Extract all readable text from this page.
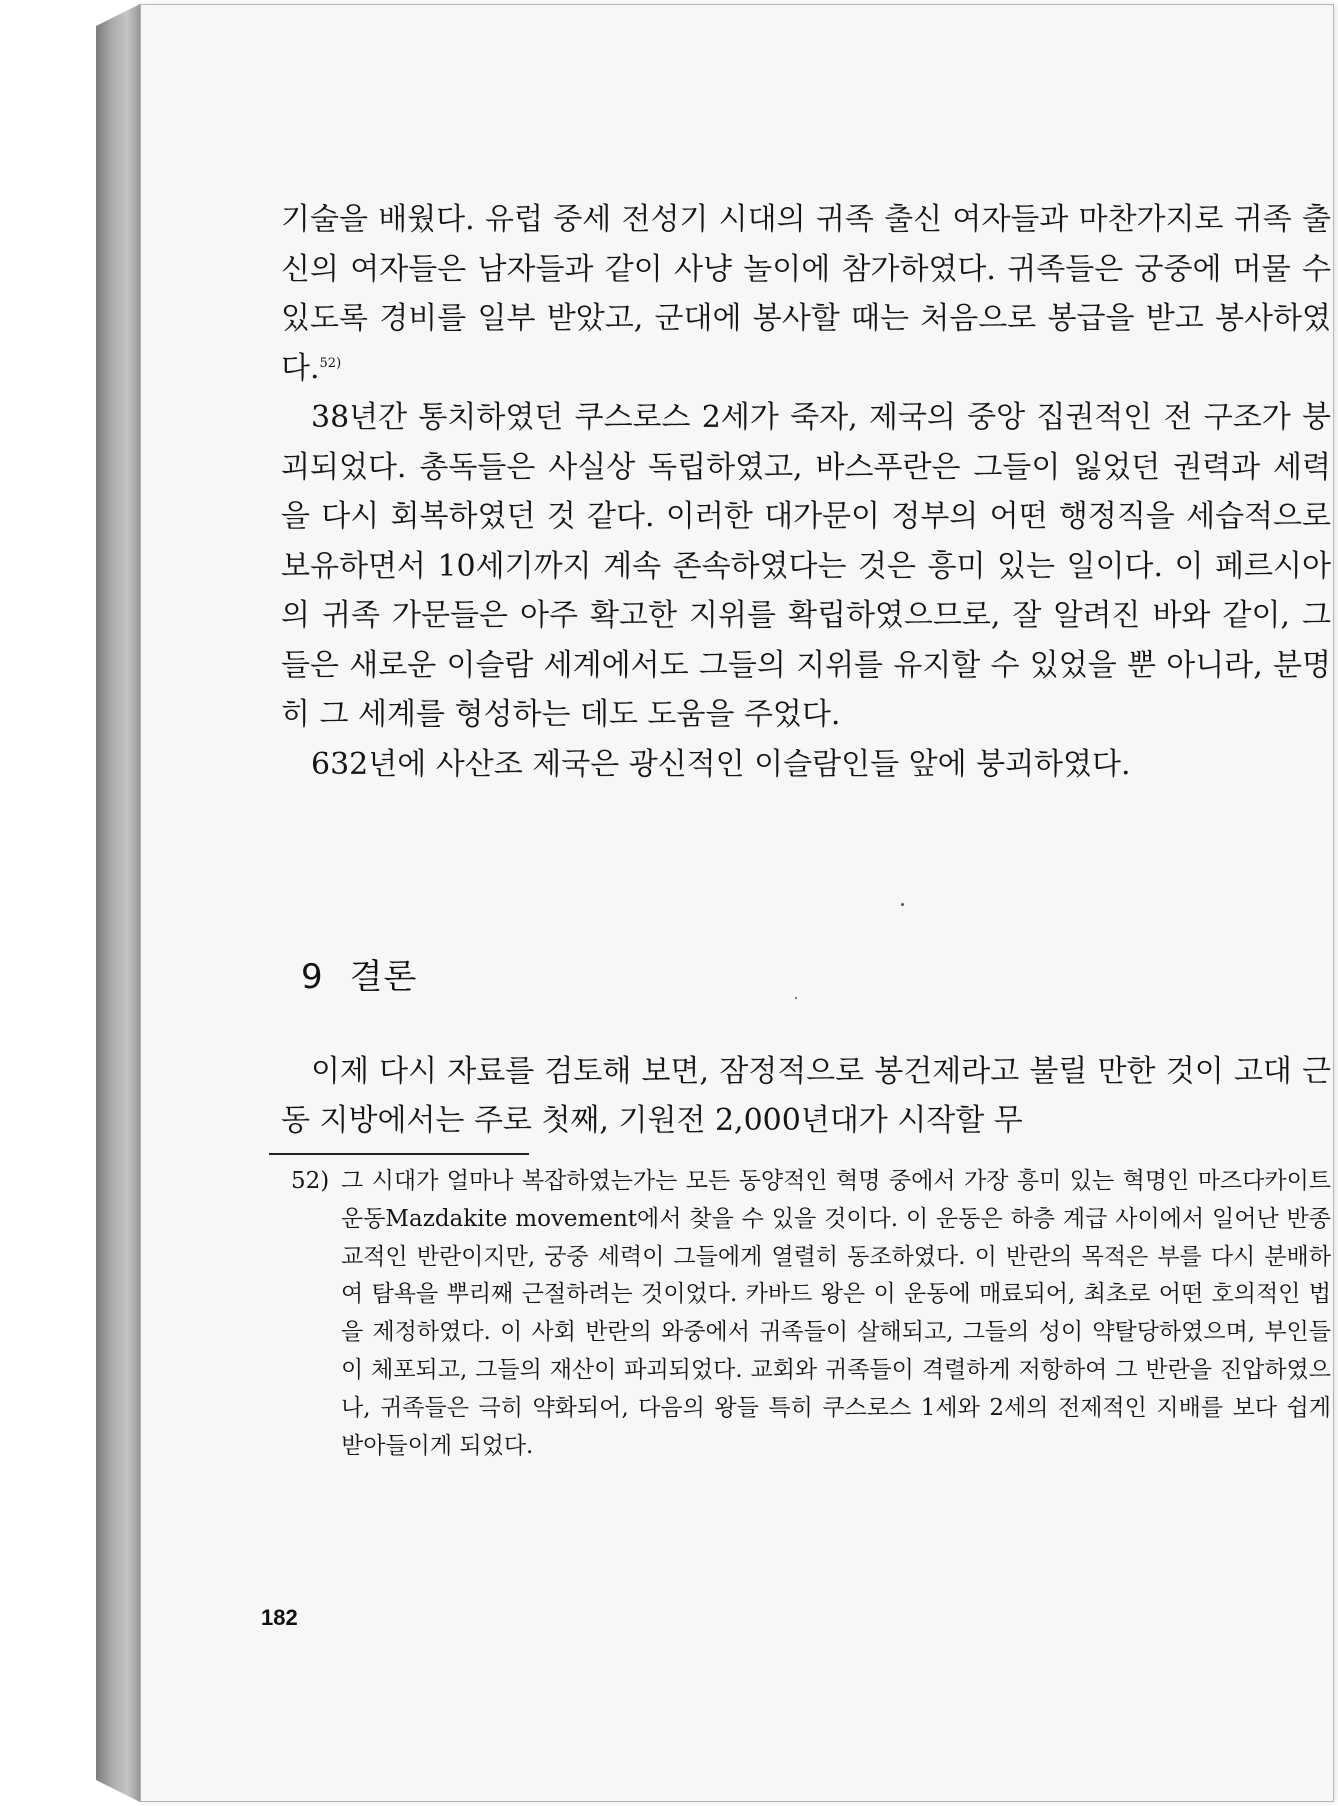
기술을 배웠다. 유럽 중세 전성기 시대의 귀족 출신 여자들과 마찬가지로 귀족 출신의 여자들은 남자들과 같이 사냥 놀이에 참가하였다. 귀족들은 궁중에 머물 수 있도록 경비를 일부 받았고, 군대에 봉사할 때는 처음으로 봉급을 받고 봉사하였다.$^{52)}$

38년간 통치하였던 쿠스로스 2세가 죽자, 제국의 중앙 집권적인 전 구조가 붕괴되었다. 총독들은 사실상 독립하였고, 바스푸란은 그들이 잃었던 권력과 세력을 다시 회복하였던 것 같다. 이러한 대가문이 정부의 어떤 행정직을 세습적으로 보유하면서 10세기까지 계속 존속하였다는 것은 흥미 있는 일이다. 이 페르시아의 귀족 가문들은 아주 확고한 지위를 확립하였으므로, 잘 알려진 바와 같이, 그들은 새로운 이슬람 세계에서도 그들의 지위를 유지할 수 있었을 뿐 아니라, 분명히 그 세계를 형성하는 데도 도움을 주었다.

632년에 사산조 제국은 광신적인 이슬람인들 앞에 붕괴하였다.

9 결론

이제 다시 자료를 검토해 보면, 잠정적으로 봉건제라고 불릴 만한 것이 고대 근동 지방에서는 주로 첫째, 기원전 2,000년대가 시작할 무

52) 그 시대가 얼마나 복잡하였는가는 모든 동양적인 혁명 중에서 가장 흥미 있는 혁명인 마즈다카이트 운동Mazdakite movement에서 찾을 수 있을 것이다. 이 운동은 하층 계급 사이에서 일어난 반종교적인 반란이지만, 궁중 세력이 그들에게 열렬히 동조하였다. 이 반란의 목적은 부를 다시 분배하여 탐욕을 뿌리째 근절하려는 것이었다. 카바드 왕은 이 운동에 매료되어, 최초로 어떤 호의적인 법을 제정하였다. 이 사회 반란의 와중에서 귀족들이 살해되고, 그들의 성이 약탈당하였으며, 부인들이 체포되고, 그들의 재산이 파괴되었다. 교회와 귀족들이 격렬하게 저항하여 그 반란을 진압하였으나, 귀족들은 극히 약화되어, 다음의 왕들 특히 쿠스로스 1세와 2세의 전제적인 지배를 보다 쉽게 받아들이게 되었다.
182
